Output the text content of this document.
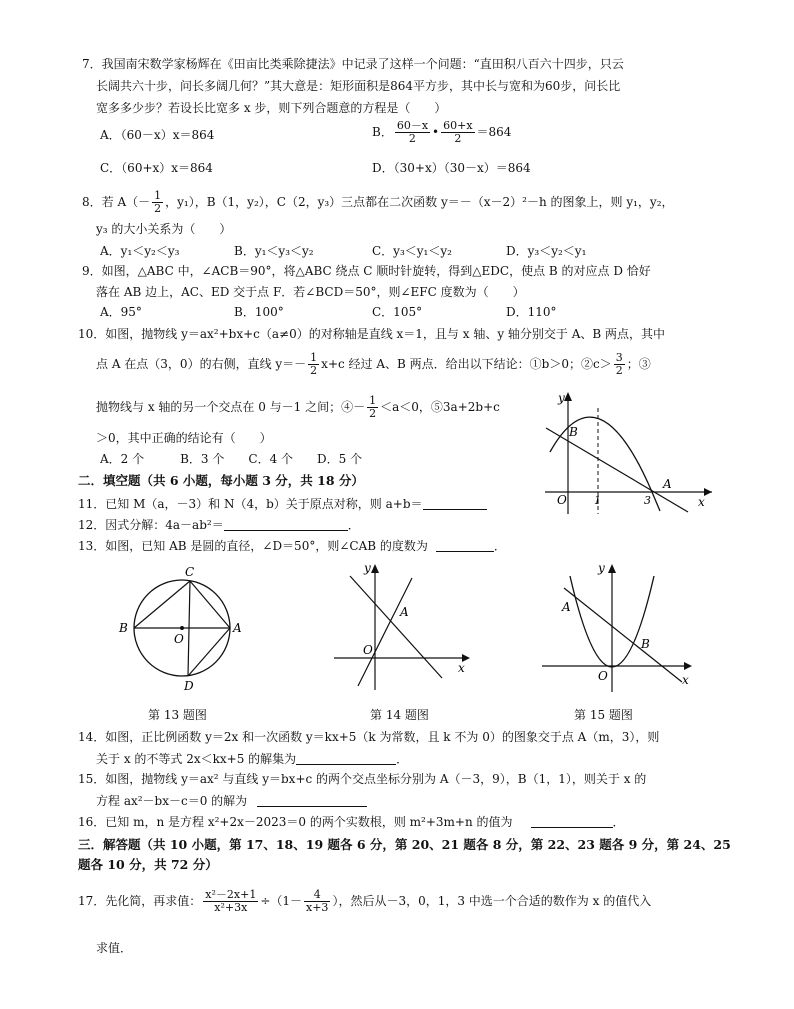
7．我国南宋数学家杨辉在《田亩比类乘除捷法》中记录了这样一个问题：“直田积八百六十四步，只云
长阔共六十步，问长多阔几何？”其大意是：矩形面积是864平方步，其中长与宽和为60步，问长比
宽多多少步？若设长比宽多 x 步，则下列合题意的方程是（　　）
A．（60－x）x＝864	B． $\frac{60-x}{2}$ • $\frac{60+x}{2} =864$
C．（60+x）x＝864	D．（30+x）（30－x）＝864
8．若 $A(- \frac{1}{2}$ ，y₁），B（1，y₂），C（2，y₃）三点都在二次函数 y＝－（x－2）²－h 的图象上，则 y₁，y₂，
y₃ 的大小关系为（　　）
A．y₁＜y₂＜y₃	B．y₁＜y₃＜y₂	C．y₃＜y₁＜y₂	D．y₃＜y₂＜y₁
9．如图，△ABC 中，∠ACB＝90°，将△ABC 绕点 C 顺时针旋转，得到△EDC，使点 B 的对应点 D 恰好
落在 AB 边上，AC、ED 交于点 F．若∠BCD＝50°，则∠EFC 度数为（　　）
A．95°	B．100°	C．105°	D．110°
10．如图，抛物线 y＝ax²+bx+c（a≠0）的对称轴是直线 x＝1，且与 x 轴、y 轴分别交于 A、B 两点，其中
点 A 在点（3，0）的右侧，直线 $y=- \frac{1}{2} x+c$ 经过 A、B 两点．给出以下结论：①b＞0；②c＞ $\frac{3}{2}$ ；③
抛物线与 x 轴的另一个交点在 0 与－1 之间；④－ $\frac{1}{2} <a<0$，⑤3a+2b+c
＞0，其中正确的结论有（　　）
A．2 个　　　B．3 个　　C．4 个　　D．5 个
y
B
O 1	3
A
x
二．填空题（共 6 小题，每小题 3 分，共 18 分）
11．已知 M（a，－3）和 N（4，b）关于原点对称，则 a+b＝
12．因式分解：4a－ab²＝	．
13．如图，已知 AB 是圆的直径，∠D＝50°，则∠CAB 的度数为	．
C
B
O
A
D
第 13 题图
y
A
O
x
第 14 题图
y
A
B
O	x
第 15 题图
14．如图，正比例函数 y＝2x 和一次函数 y＝kx+5（k 为常数，且 k 不为 0）的图象交于点 A（m，3），则
关于 x 的不等式 2x＜kx+5 的解集为	．
15．如图，抛物线 y＝ax² 与直线 y＝bx+c 的两个交点坐标分别为 A（－3，9），B（1，1），则关于 x 的
方程 ax²－bx－c＝0 的解为
16．已知 m，n 是方程 x²+2x－2023＝0 的两个实数根，则 m²+3m+n 的值为	．
三．解答题（共 10 小题，第 17、18、19 题各 6 分，第 20、21 题各 8 分，第 22、23 题各 9 分，第 24、25
题各 10 分，共 72 分）
17．先化简，再求值： $\frac{\text{x²－2x+1}}{\text{x²+3x}} \div(1- \frac{4}{x+3}$ ），然后从－3，0，1，3 中选一个合适的数作为 x 的值代入
求值．
